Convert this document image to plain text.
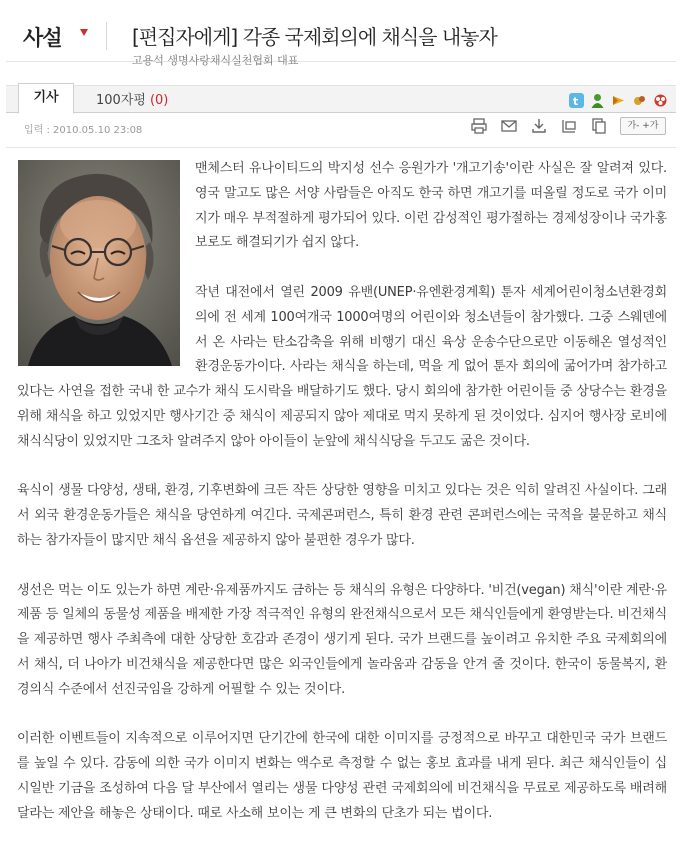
사설	[편집자에게] 각종 국제회의에 채식을 내놓자
고용석 생명사랑채식실천협회 대표
기사	100자평 (0)	t
입력 : 2010.05.10 23:08	가- +가

맨체스터 유나이티드의 박지성 선수 응원가가 '개고기송'이란 사실은 잘 알려져 있다. 영국 말고도 많은 서양 사람들은 아직도 한국 하면 개고기를 떠올릴 정도로 국가 이미지가 매우 부적절하게 평가되어 있다. 이런 감성적인 평가절하는 경제성장이나 국가홍보로도 해결되기가 쉽지 않다.

작년 대전에서 열린 2009 유밴(UNEP·유엔환경계획) 툰자 세계어린이청소년환경회의에 전 세계 100여개국 1000여명의 어린이와 청소년들이 참가했다. 그중 스웨덴에서 온 사라는 탄소감축을 위해 비행기 대신 육상 운송수단으로만 이동해온 열성적인 환경운동가이다. 사라는 채식을 하는데, 먹을 게 없어 툰자 회의에 굶어가며 참가하고 있다는 사연을 접한 국내 한 교수가 채식 도시락을 배달하기도 했다. 당시 회의에 참가한 어린이들 중 상당수는 환경을 위해 채식을 하고 있었지만 행사기간 중 채식이 제공되지 않아 제대로 먹지 못하게 된 것이었다. 심지어 행사장 로비에 채식식당이 있었지만 그조차 알려주지 않아 아이들이 눈앞에 채식식당을 두고도 굶은 것이다.

육식이 생물 다양성, 생태, 환경, 기후변화에 크든 작든 상당한 영향을 미치고 있다는 것은 익히 알려진 사실이다. 그래서 외국 환경운동가들은 채식을 당연하게 여긴다. 국제콘퍼런스, 특히 환경 관련 콘퍼런스에는 국적을 불문하고 채식하는 참가자들이 많지만 채식 옵션을 제공하지 않아 불편한 경우가 많다.

생선은 먹는 이도 있는가 하면 계란·유제품까지도 금하는 등 채식의 유형은 다양하다. '비건(vegan) 채식'이란 계란·유제품 등 일체의 동물성 제품을 배제한 가장 적극적인 유형의 완전채식으로서 모든 채식인들에게 환영받는다. 비건채식을 제공하면 행사 주최측에 대한 상당한 호감과 존경이 생기게 된다. 국가 브랜드를 높이려고 유치한 주요 국제회의에서 채식, 더 나아가 비건채식을 제공한다면 많은 외국인들에게 놀라움과 감동을 안겨 줄 것이다. 한국이 동물복지, 환경의식 수준에서 선진국임을 강하게 어필할 수 있는 것이다.

이러한 이벤트들이 지속적으로 이루어지면 단기간에 한국에 대한 이미지를 긍정적으로 바꾸고 대한민국 국가 브랜드를 높일 수 있다. 감동에 의한 국가 이미지 변화는 액수로 측정할 수 없는 홍보 효과를 내게 된다. 최근 채식인들이 십시일반 기금을 조성하여 다음 달 부산에서 열리는 생물 다양성 관련 국제회의에 비건채식을 무료로 제공하도록 배려해 달라는 제안을 해놓은 상태이다. 때로 사소해 보이는 게 큰 변화의 단초가 되는 법이다.
